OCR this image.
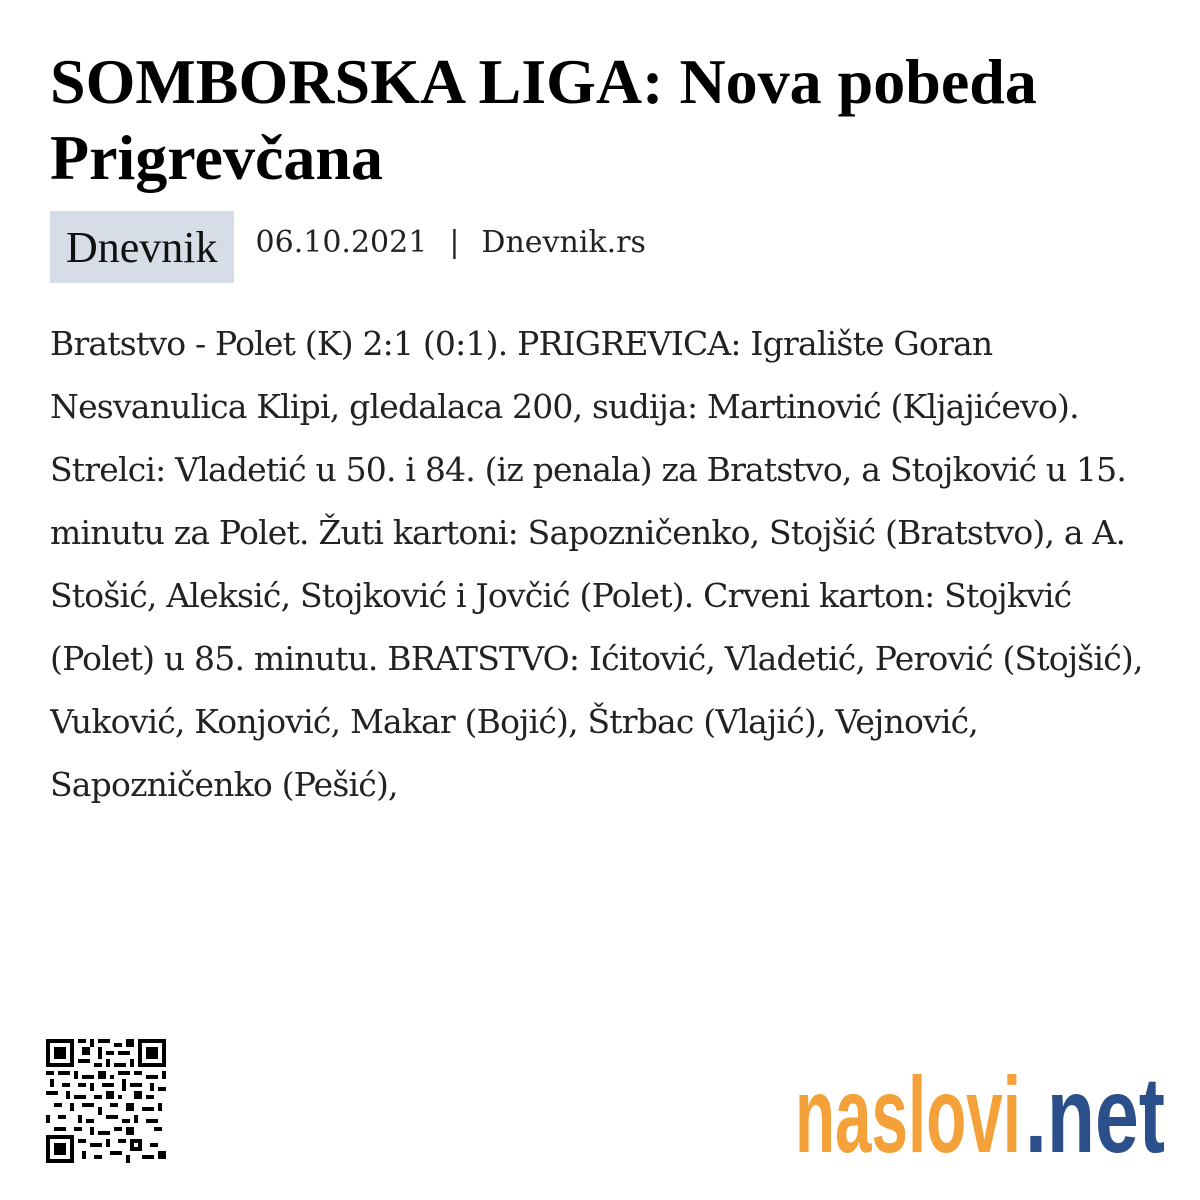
SOMBORSKA LIGA: Nova pobeda Prigrevčana
Dnevnik	06.10.2021 | Dnevnik.rs

Bratstvo - Polet (K) 2:1 (0:1). PRIGREVICA: Igralište Goran Nesvanulica Klipi, gledalaca 200, sudija: Martinović (Kljajićevo). Strelci: Vladetić u 50. i 84. (iz penala) za Bratstvo, a Stojković u 15. minutu za Polet. Žuti kartoni: Sapozničenko, Stojšić (Bratstvo), a A. Stošić, Aleksić, Stojković i Jovčić (Polet). Crveni karton: Stojkvić (Polet) u 85. minutu. BRATSTVO: Ićitović, Vladetić, Perović (Stojšić), Vuković, Konjović, Makar (Bojić), Štrbac (Vlajić), Vejnović, Sapozničenko (Pešić),

naslovi .net
